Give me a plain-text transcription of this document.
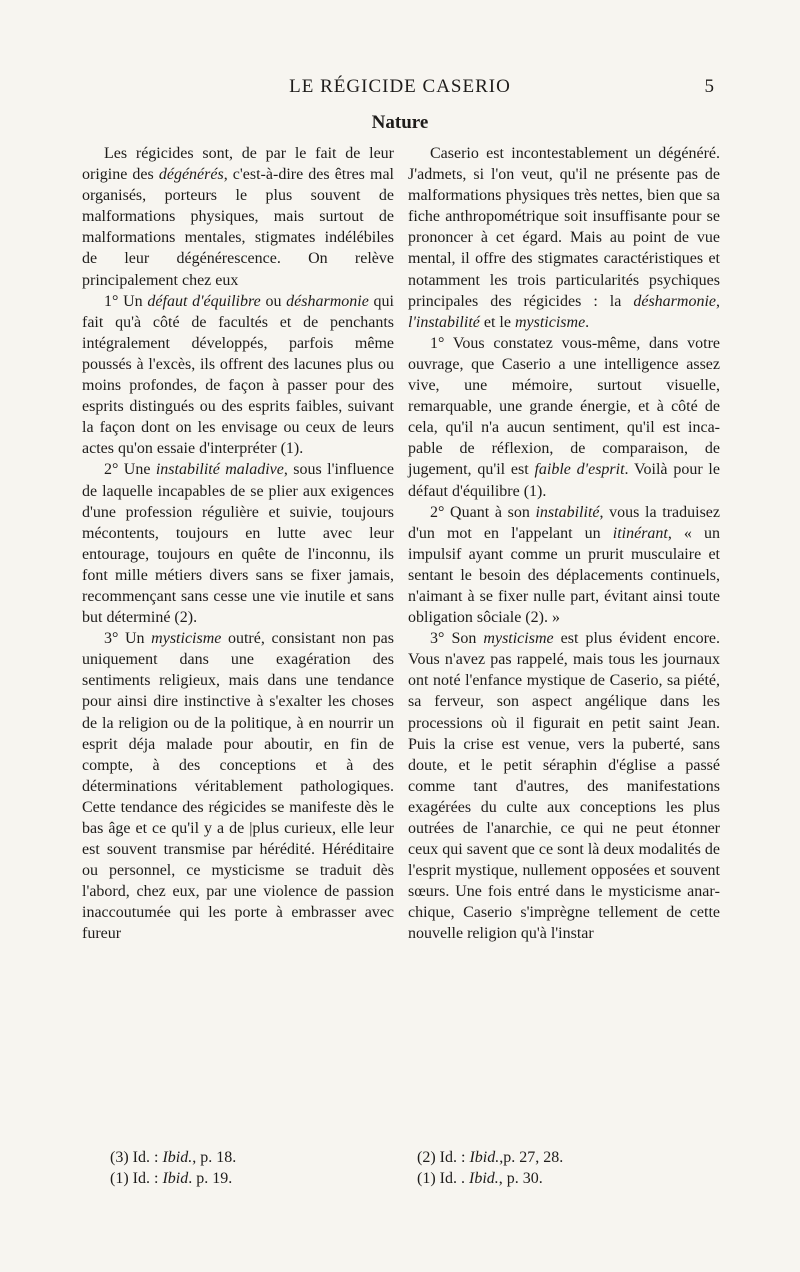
LE RÉGICIDE CASERIO	5
Nature

Les régicides sont, de par le fait de leur origine des dégénérés, c'est-à-dire des êtres mal organisés, porteurs le plus souvent de malformations physiques, mais surtout de malformations mentales, stigmates indélébiles de leur dégénérescence. On relève principalement chez eux

1° Un défaut d'équilibre ou désharmonie qui fait qu'à côté de facultés et de penchants intégralement développés, parfois même poussés à l'excès, ils offrent des lacunes plus ou moins profondes, de façon à passer pour des esprits distingués ou des esprits faibles, suivant la façon dont on les envisage ou ceux de leurs actes qu'on essaie d'interpréter (1).

2° Une instabilité maladive, sous l'influence de laquelle incapables de se plier aux exigences d'une profession régulière et suivie, toujours mécontents, toujours en lutte avec leur entourage, toujours en quête de l'inconnu, ils font mille métiers divers sans se fixer jamais, recommençant sans cesse une vie inutile et sans but déterminé (2).

3° Un mysticisme outré, consistant non pas uniquement dans une exagération des sentiments religieux, mais dans une tendance pour ainsi dire instinctive à s'exalter les choses de la religion ou de la politique, à en nourrir un esprit déja malade pour aboutir, en fin de compte, à des conceptions et à des déterminations véritablement pathologiques. Cette tendance des régicides se manifeste dès le bas âge et ce qu'il y a de |plus curieux, elle leur est souvent transmise par hérédité. Héréditaire ou personnel, ce mysticisme se traduit dès l'abord, chez eux, par une violence de passion inaccoutumée qui les porte à embrasser avec fureur

Caserio est incontestablement un dégénéré. J'admets, si l'on veut, qu'il ne présente pas de malformations physiques très nettes, bien que sa fiche anthropométrique soit insuffisante pour se prononcer à cet égard. Mais au point de vue mental, il offre des stigmates caractéristiques et notamment les trois particularités psychiques principales des régicides : la désharmonie, l'instabilité et le mysticisme.

1° Vous constatez vous-même, dans votre ouvrage, que Caserio a une intelligence assez vive, une mémoire, surtout visuelle, remarquable, une grande énergie, et à côté de cela, qu'il n'a aucun sentiment, qu'il est incapable de réflexion, de comparaison, de jugement, qu'il est faible d'esprit. Voilà pour le défaut d'équilibre (1).

2° Quant à son instabilité, vous la traduisez d'un mot en l'appelant un itinérant, « un impulsif ayant comme un prurit musculaire et sentant le besoin des déplacements continuels, n'aimant à se fixer nulle part, évitant ainsi toute obligation sôciale (2). »

3° Son mysticisme est plus évident encore. Vous n'avez pas rappelé, mais tous les journaux ont noté l'enfance mystique de Caserio, sa piété, sa ferveur, son aspect angélique dans les processions où il figurait en petit saint Jean. Puis la crise est venue, vers la puberté, sans doute, et le petit séraphin d'église a passé comme tant d'autres, des manifestations exagérées du culte aux conceptions les plus outrées de l'anarchie, ce qui ne peut étonner ceux qui savent que ce sont là deux modalités de l'esprit mystique, nullement opposées et souvent sœurs. Une fois entré dans le mysticisme anarchique, Caserio s'imprègne tellement de cette nouvelle religion qu'à l'instar

(3) Id. : Ibid., p. 18.
(1) Id. : Ibid. p. 19.
(2) Id. : Ibid.,p. 27, 28.
(1) Id. . Ibid., p. 30.
